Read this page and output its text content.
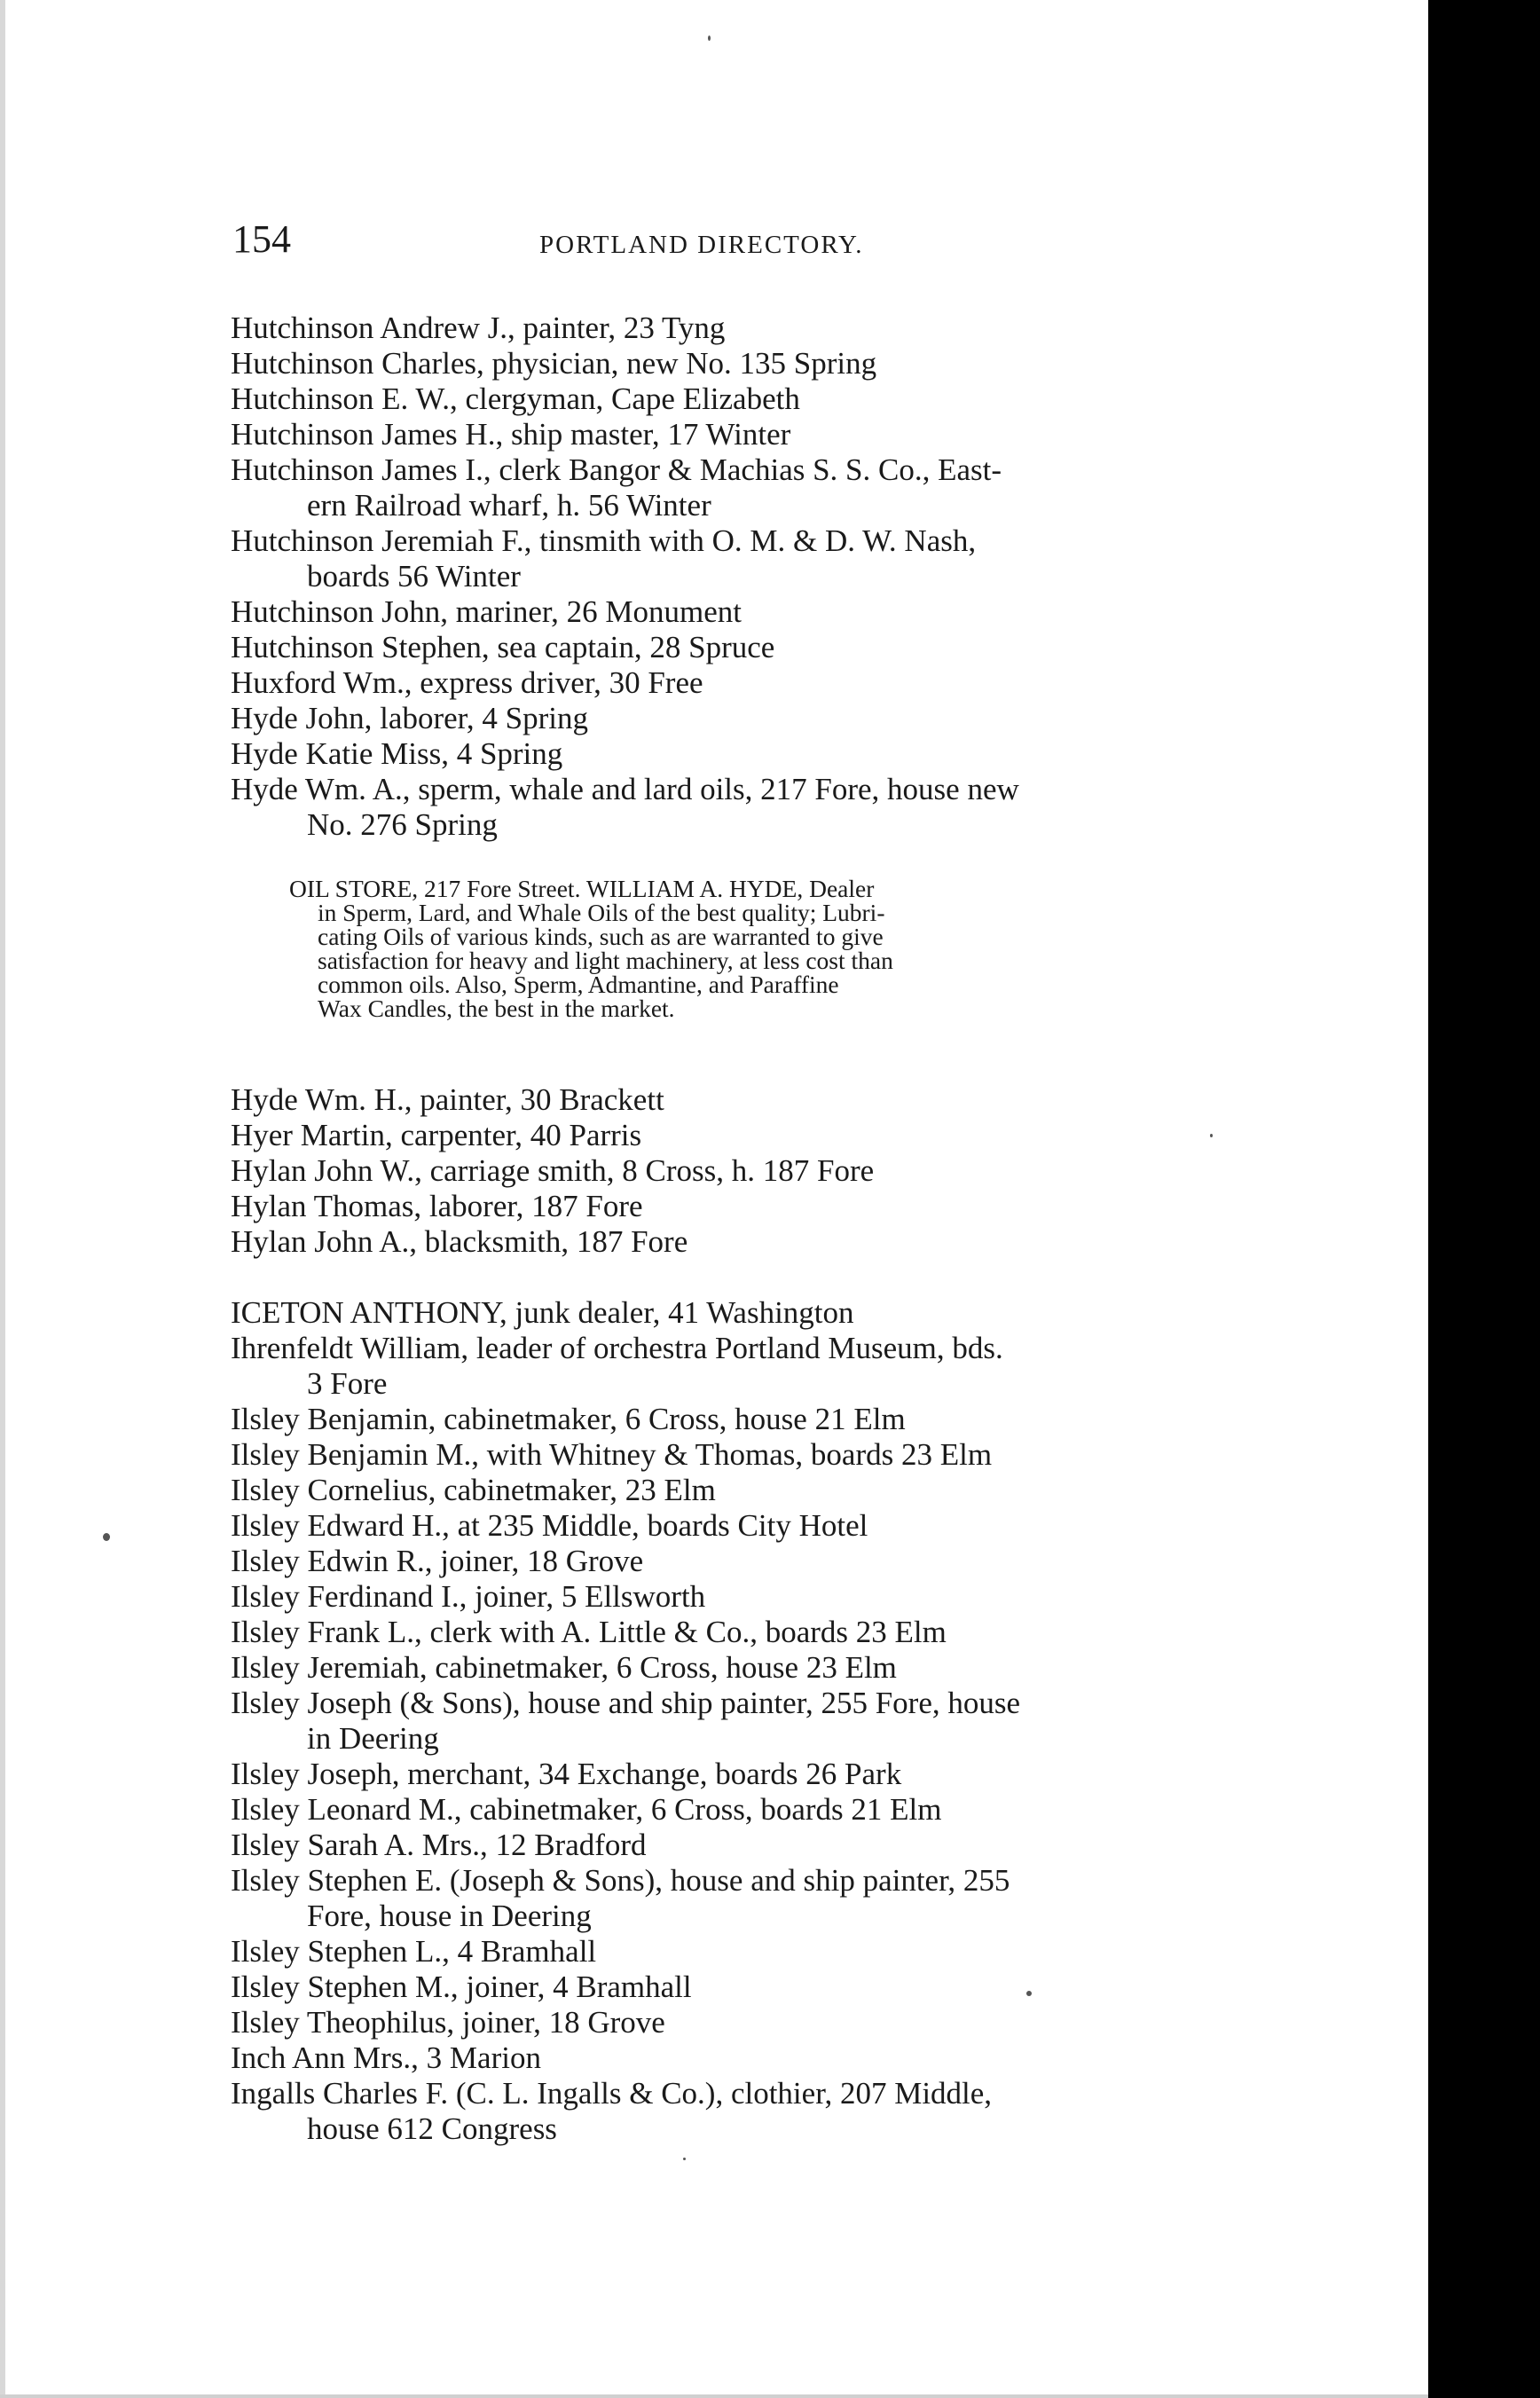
154	PORTLAND DIRECTORY.
Hutchinson Andrew J., painter, 23 Tyng
Hutchinson Charles, physician, new No. 135 Spring
Hutchinson E. W., clergyman, Cape Elizabeth
Hutchinson James H., ship master, 17 Winter
Hutchinson James I., clerk Bangor & Machias S. S. Co., East-
ern Railroad wharf, h. 56 Winter
Hutchinson Jeremiah F., tinsmith with O. M. & D. W. Nash,
boards 56 Winter
Hutchinson John, mariner, 26 Monument
Hutchinson Stephen, sea captain, 28 Spruce
Huxford Wm., express driver, 30 Free
Hyde John, laborer, 4 Spring
Hyde Katie Miss, 4 Spring
Hyde Wm. A., sperm, whale and lard oils, 217 Fore, house new
No. 276 Spring
OIL STORE, 217 Fore Street. WILLIAM A. HYDE, Dealer
in Sperm, Lard, and Whale Oils of the best quality; Lubri-
cating Oils of various kinds, such as are warranted to give
satisfaction for heavy and light machinery, at less cost than
common oils. Also, Sperm, Admantine, and Paraffine
Wax Candles, the best in the market.
Hyde Wm. H., painter, 30 Brackett
Hyer Martin, carpenter, 40 Parris
Hylan John W., carriage smith, 8 Cross, h. 187 Fore
Hylan Thomas, laborer, 187 Fore
Hylan John A., blacksmith, 187 Fore
ICETON ANTHONY, junk dealer, 41 Washington
Ihrenfeldt William, leader of orchestra Portland Museum, bds.
3 Fore
Ilsley Benjamin, cabinetmaker, 6 Cross, house 21 Elm
Ilsley Benjamin M., with Whitney & Thomas, boards 23 Elm
Ilsley Cornelius, cabinetmaker, 23 Elm
Ilsley Edward H., at 235 Middle, boards City Hotel
Ilsley Edwin R., joiner, 18 Grove
Ilsley Ferdinand I., joiner, 5 Ellsworth
Ilsley Frank L., clerk with A. Little & Co., boards 23 Elm
Ilsley Jeremiah, cabinetmaker, 6 Cross, house 23 Elm
Ilsley Joseph (& Sons), house and ship painter, 255 Fore, house
in Deering
Ilsley Joseph, merchant, 34 Exchange, boards 26 Park
Ilsley Leonard M., cabinetmaker, 6 Cross, boards 21 Elm
Ilsley Sarah A. Mrs., 12 Bradford
Ilsley Stephen E. (Joseph & Sons), house and ship painter, 255
Fore, house in Deering
Ilsley Stephen L., 4 Bramhall
Ilsley Stephen M., joiner, 4 Bramhall
Ilsley Theophilus, joiner, 18 Grove
Inch Ann Mrs., 3 Marion
Ingalls Charles F. (C. L. Ingalls & Co.), clothier, 207 Middle,
house 612 Congress
